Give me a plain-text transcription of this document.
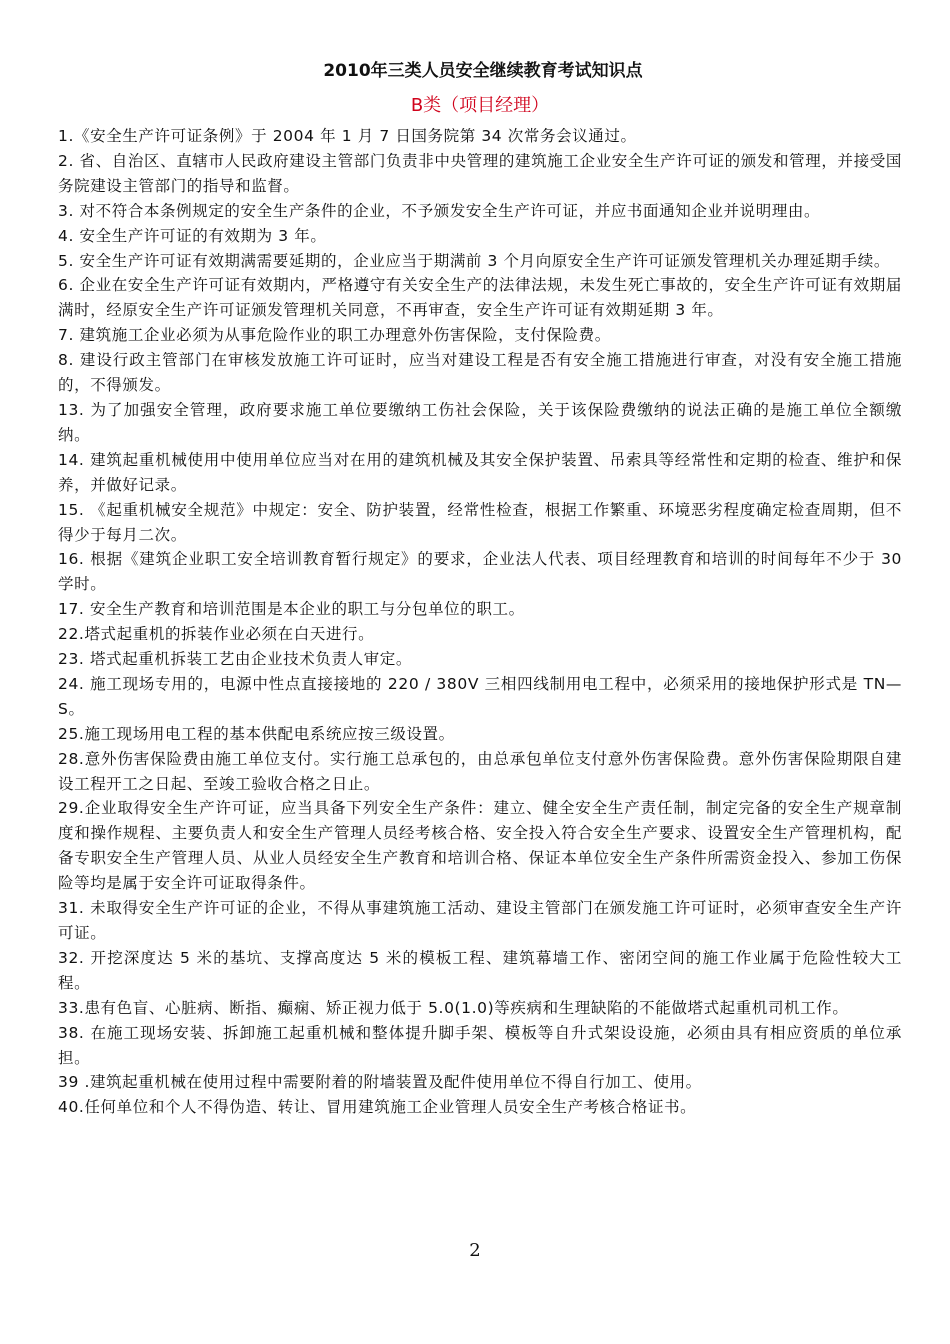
2010年三类人员安全继续教育考试知识点
B类（项目经理）

1.《安全生产许可证条例》于 2004 年 1 月 7 日国务院第 34 次常务会议通过。

2. 省、自治区、直辖市人民政府建设主管部门负责非中央管理的建筑施工企业安全生产许可证的颁发和管理，并接受国务院建设主管部门的指导和监督。

3. 对不符合本条例规定的安全生产条件的企业，不予颁发安全生产许可证，并应书面通知企业并说明理由。

4. 安全生产许可证的有效期为 3 年。

5. 安全生产许可证有效期满需要延期的，企业应当于期满前 3 个月向原安全生产许可证颁发管理机关办理延期手续。

6. 企业在安全生产许可证有效期内，严格遵守有关安全生产的法律法规，未发生死亡事故的，安全生产许可证有效期届满时，经原安全生产许可证颁发管理机关同意，不再审查，安全生产许可证有效期延期 3 年。

7. 建筑施工企业必须为从事危险作业的职工办理意外伤害保险，支付保险费。

8. 建设行政主管部门在审核发放施工许可证时，应当对建设工程是否有安全施工措施进行审查，对没有安全施工措施的，不得颁发。

13. 为了加强安全管理，政府要求施工单位要缴纳工伤社会保险，关于该保险费缴纳的说法正确的是施工单位全额缴纳。

14. 建筑起重机械使用中使用单位应当对在用的建筑机械及其安全保护装置、吊索具等经常性和定期的检查、维护和保养，并做好记录。

15. 《起重机械安全规范》中规定：安全、防护装置，经常性检查，根据工作繁重、环境恶劣程度确定检查周期，但不得少于每月二次。

16. 根据《建筑企业职工安全培训教育暂行规定》的要求，企业法人代表、项目经理教育和培训的时间每年不少于 30 学时。

17. 安全生产教育和培训范围是本企业的职工与分包单位的职工。

22.塔式起重机的拆装作业必须在白天进行。

23. 塔式起重机拆装工艺由企业技术负责人审定。

24. 施工现场专用的，电源中性点直接接地的 220 / 380V 三相四线制用电工程中，必须采用的接地保护形式是 TN—S。

25.施工现场用电工程的基本供配电系统应按三级设置。

28.意外伤害保险费由施工单位支付。实行施工总承包的，由总承包单位支付意外伤害保险费。意外伤害保险期限自建设工程开工之日起、至竣工验收合格之日止。

29.企业取得安全生产许可证，应当具备下列安全生产条件：建立、健全安全生产责任制，制定完备的安全生产规章制度和操作规程、主要负责人和安全生产管理人员经考核合格、安全投入符合安全生产要求、设置安全生产管理机构，配备专职安全生产管理人员、从业人员经安全生产教育和培训合格、保证本单位安全生产条件所需资金投入、参加工伤保险等均是属于安全许可证取得条件。

31. 未取得安全生产许可证的企业，不得从事建筑施工活动、建设主管部门在颁发施工许可证时，必须审查安全生产许可证。

32. 开挖深度达 5 米的基坑、支撑高度达 5 米的模板工程、建筑幕墙工作、密闭空间的施工作业属于危险性较大工程。

33.患有色盲、心脏病、断指、癫痫、矫正视力低于 5.0(1.0)等疾病和生理缺陷的不能做塔式起重机司机工作。

38. 在施工现场安装、拆卸施工起重机械和整体提升脚手架、模板等自升式架设设施，必须由具有相应资质的单位承担。

39 .建筑起重机械在使用过程中需要附着的附墙装置及配件使用单位不得自行加工、使用。

40.任何单位和个人不得伪造、转让、冒用建筑施工企业管理人员安全生产考核合格证书。

2
